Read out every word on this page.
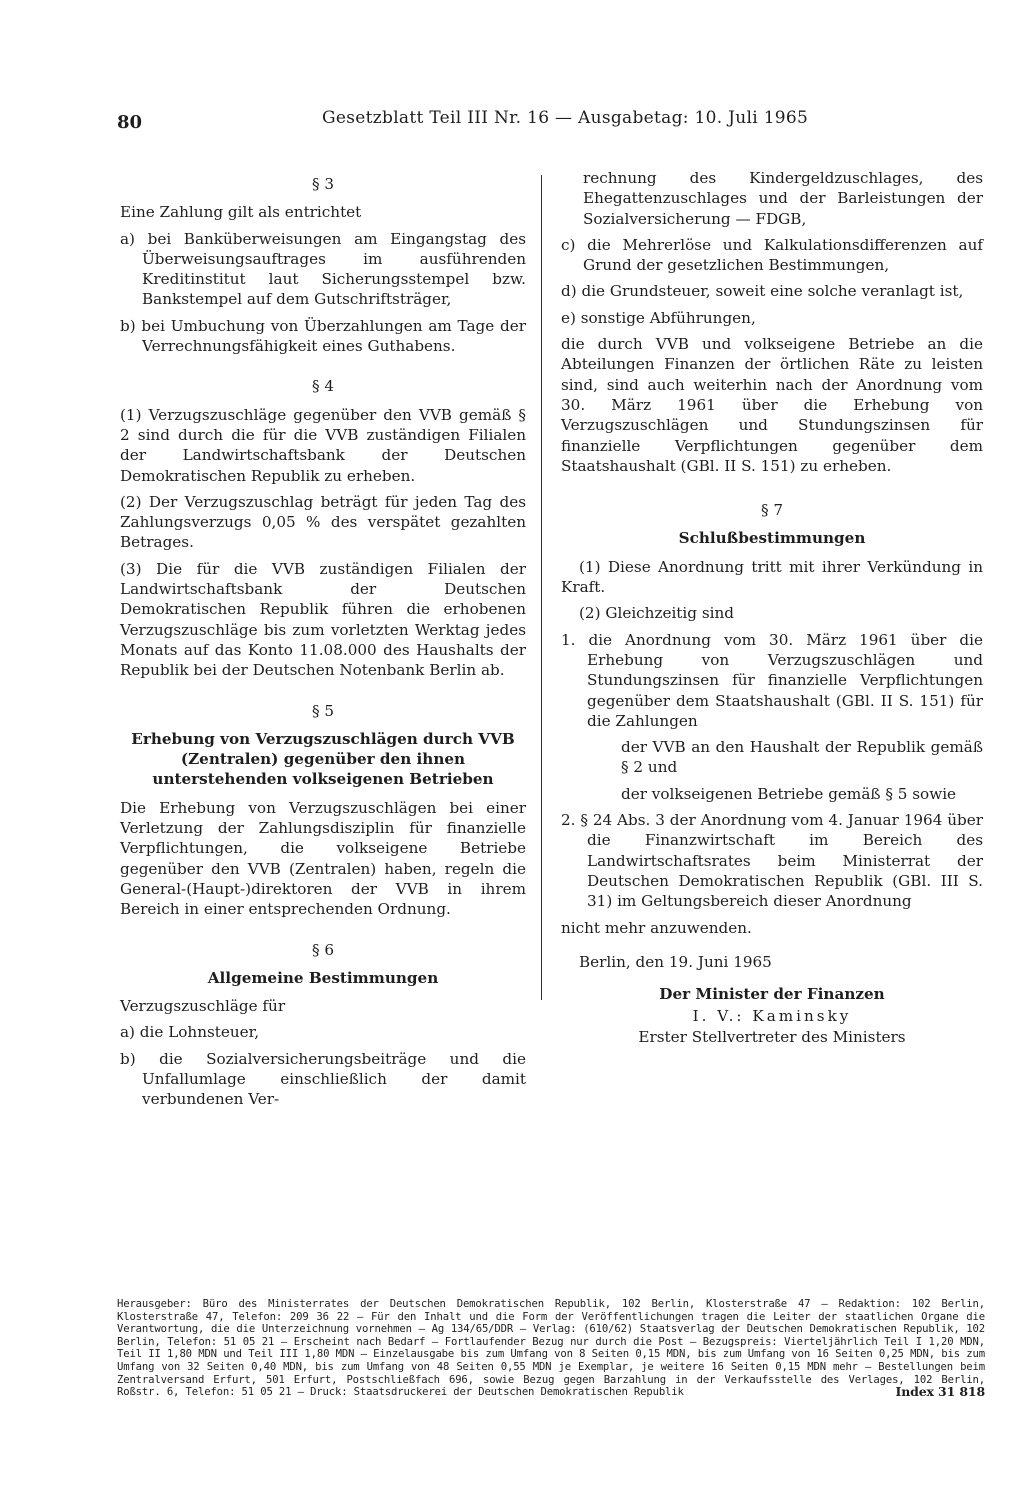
80	Gesetzblatt Teil III Nr. 16 — Ausgabetag: 10. Juli 1965
§ 3

Eine Zahlung gilt als entrichtet

a) bei Banküberweisungen am Eingangstag des Überweisungsauftrages im ausführenden Kreditinstitut laut Sicherungsstempel bzw. Bankstempel auf dem Gutschriftsträger,

b) bei Umbuchung von Überzahlungen am Tage der Verrechnungsfähigkeit eines Guthabens.

§ 4

(1) Verzugszuschläge gegenüber den VVB gemäß § 2 sind durch die für die VVB zuständigen Filialen der Landwirtschaftsbank der Deutschen Demokratischen Republik zu erheben.

(2) Der Verzugszuschlag beträgt für jeden Tag des Zahlungsverzugs 0,05 % des verspätet gezahlten Betrages.

(3) Die für die VVB zuständigen Filialen der Landwirtschaftsbank der Deutschen Demokratischen Republik führen die erhobenen Verzugszuschläge bis zum vorletzten Werktag jedes Monats auf das Konto 11.08.000 des Haushalts der Republik bei der Deutschen Notenbank Berlin ab.

§ 5
Erhebung von Verzugszuschlägen durch VVB (Zentralen) gegenüber den ihnen unterstehenden volkseigenen Betrieben

Die Erhebung von Verzugszuschlägen bei einer Verletzung der Zahlungsdisziplin für finanzielle Verpflichtungen, die volkseigene Betriebe gegenüber den VVB (Zentralen) haben, regeln die General-(Haupt-)direktoren der VVB in ihrem Bereich in einer entsprechenden Ordnung.

§ 6
Allgemeine Bestimmungen

Verzugszuschläge für

a) die Lohnsteuer,

b) die Sozialversicherungsbeiträge und die Unfallumlage einschließlich der damit verbundenen Ver-

rechnung des Kindergeldzuschlages, des Ehegattenzuschlages und der Barleistungen der Sozialversicherung — FDGB,

c) die Mehrerlöse und Kalkulationsdifferenzen auf Grund der gesetzlichen Bestimmungen,

d) die Grundsteuer, soweit eine solche veranlagt ist,

e) sonstige Abführungen,

die durch VVB und volkseigene Betriebe an die Abteilungen Finanzen der örtlichen Räte zu leisten sind, sind auch weiterhin nach der Anordnung vom 30. März 1961 über die Erhebung von Verzugszuschlägen und Stundungszinsen für finanzielle Verpflichtungen gegenüber dem Staatshaushalt (GBl. II S. 151) zu erheben.

§ 7
Schlußbestimmungen

(1) Diese Anordnung tritt mit ihrer Verkündung in Kraft.

(2) Gleichzeitig sind

1. die Anordnung vom 30. März 1961 über die Erhebung von Verzugszuschlägen und Stundungszinsen für finanzielle Verpflichtungen gegenüber dem Staatshaushalt (GBl. II S. 151) für die Zahlungen

der VVB an den Haushalt der Republik gemäß § 2 und

der volkseigenen Betriebe gemäß § 5 sowie

2. § 24 Abs. 3 der Anordnung vom 4. Januar 1964 über die Finanzwirtschaft im Bereich des Landwirtschaftsrates beim Ministerrat der Deutschen Demokratischen Republik (GBl. III S. 31) im Geltungsbereich dieser Anordnung

nicht mehr anzuwenden.

Berlin, den 19. Juni 1965

Der Minister der Finanzen
I. V.: Kaminsky
Erster Stellvertreter des Ministers
Herausgeber: Büro des Ministerrates der Deutschen Demokratischen Republik, 102 Berlin, Klosterstraße 47 — Redaktion: 102 Berlin, Klosterstraße 47, Telefon: 209 36 22 — Für den Inhalt und die Form der Veröffentlichungen tragen die Leiter der staatlichen Organe die Verantwortung, die die Unterzeichnung vornehmen — Ag 134/65/DDR — Verlag: (610/62) Staatsverlag der Deutschen Demokratischen Republik, 102 Berlin, Telefon: 51 05 21 — Erscheint nach Bedarf — Fortlaufender Bezug nur durch die Post — Bezugspreis: Vierteljährlich Teil I 1,20 MDN, Teil II 1,80 MDN und Teil III 1,80 MDN — Einzelausgabe bis zum Umfang von 8 Seiten 0,15 MDN, bis zum Umfang von 16 Seiten 0,25 MDN, bis zum Umfang von 32 Seiten 0,40 MDN, bis zum Umfang von 48 Seiten 0,55 MDN je Exemplar, je weitere 16 Seiten 0,15 MDN mehr — Bestellungen beim Zentralversand Erfurt, 501 Erfurt, Postschließfach 696, sowie Bezug gegen Barzahlung in der Verkaufsstelle des Verlages, 102 Berlin, Roßstr. 6, Telefon: 51 05 21 — Druck: Staatsdruckerei der Deutschen Demokratischen Republik	Index 31 818
